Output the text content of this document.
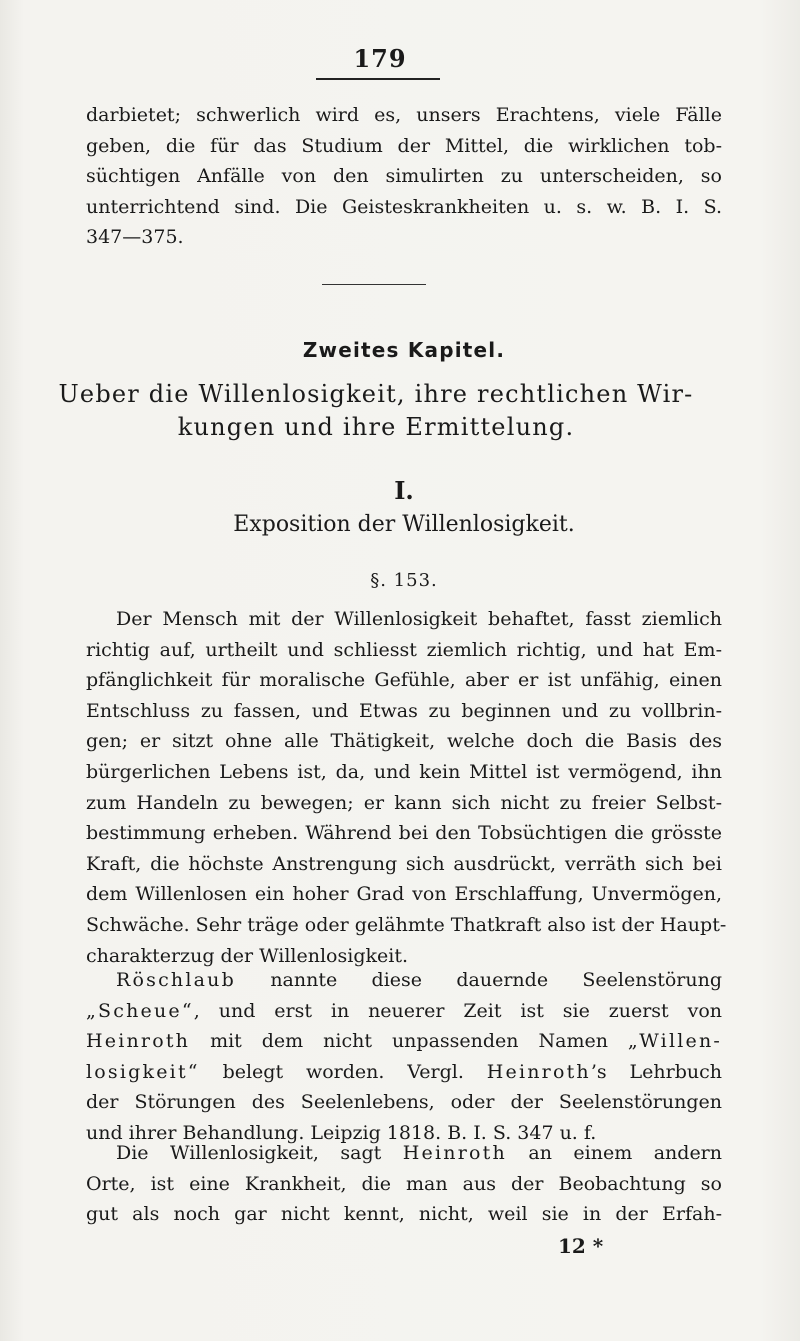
179
darbietet; schwerlich wird es, unsers Erachtens, viele Fälle
geben, die für das Studium der Mittel, die wirklichen tob-
süchtigen Anfälle von den simulirten zu unterscheiden, so
unterrichtend sind. Die Geisteskrankheiten u. s. w. B. I. S.
347—375.
Zweites Kapitel.
Ueber die Willenlosigkeit, ihre rechtlichen Wir-
kungen und ihre Ermittelung.
I.
Exposition der Willenlosigkeit.
§. 153.
Der Mensch mit der Willenlosigkeit behaftet, fasst ziemlich
richtig auf, urtheilt und schliesst ziemlich richtig, und hat Em-
pfänglichkeit für moralische Gefühle, aber er ist unfähig, einen
Entschluss zu fassen, und Etwas zu beginnen und zu vollbrin-
gen; er sitzt ohne alle Thätigkeit, welche doch die Basis des
bürgerlichen Lebens ist, da, und kein Mittel ist vermögend, ihn
zum Handeln zu bewegen; er kann sich nicht zu freier Selbst-
bestimmung erheben. Während bei den Tobsüchtigen die grösste
Kraft, die höchste Anstrengung sich ausdrückt, verräth sich bei
dem Willenlosen ein hoher Grad von Erschlaffung, Unvermögen,
Schwäche. Sehr träge oder gelähmte Thatkraft also ist der Haupt-
charakterzug der Willenlosigkeit.
Röschlaub nannte diese dauernde Seelenstörung
„Scheue“, und erst in neuerer Zeit ist sie zuerst von
Heinroth mit dem nicht unpassenden Namen „Willen-
losigkeit“ belegt worden. Vergl. Heinroth’s Lehrbuch
der Störungen des Seelenlebens, oder der Seelenstörungen
und ihrer Behandlung. Leipzig 1818. B. I. S. 347 u. f.
Die Willenlosigkeit, sagt Heinroth an einem andern
Orte, ist eine Krankheit, die man aus der Beobachtung so
gut als noch gar nicht kennt, nicht, weil sie in der Erfah-
12 *
